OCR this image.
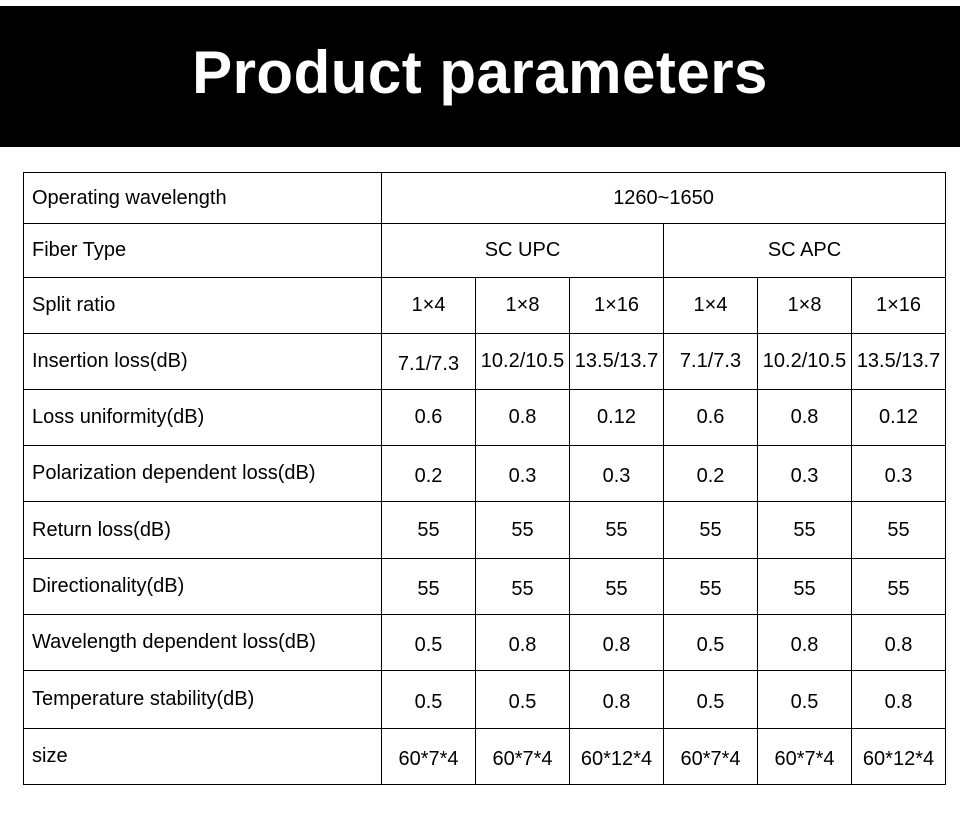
Product parameters
Operating wavelength	1260~1650					
Fiber Type	SC UPC			SC APC		
Split ratio	1×4	1×8	1×16	1×4	1×8	1×16
Insertion loss(dB)	7.1/7.3	10.2/10.5	13.5/13.7	7.1/7.3	10.2/10.5	13.5/13.7
Loss uniformity(dB)	0.6	0.8	0.12	0.6	0.8	0.12
Polarization dependent loss(dB)	0.2	0.3	0.3	0.2	0.3	0.3
Return loss(dB)	55	55	55	55	55	55
Directionality(dB)	55	55	55	55	55	55
Wavelength dependent loss(dB)	0.5	0.8	0.8	0.5	0.8	0.8
Temperature stability(dB)	0.5	0.5	0.8	0.5	0.5	0.8
size	60*7*4	60*7*4	60*12*4	60*7*4	60*7*4	60*12*4
